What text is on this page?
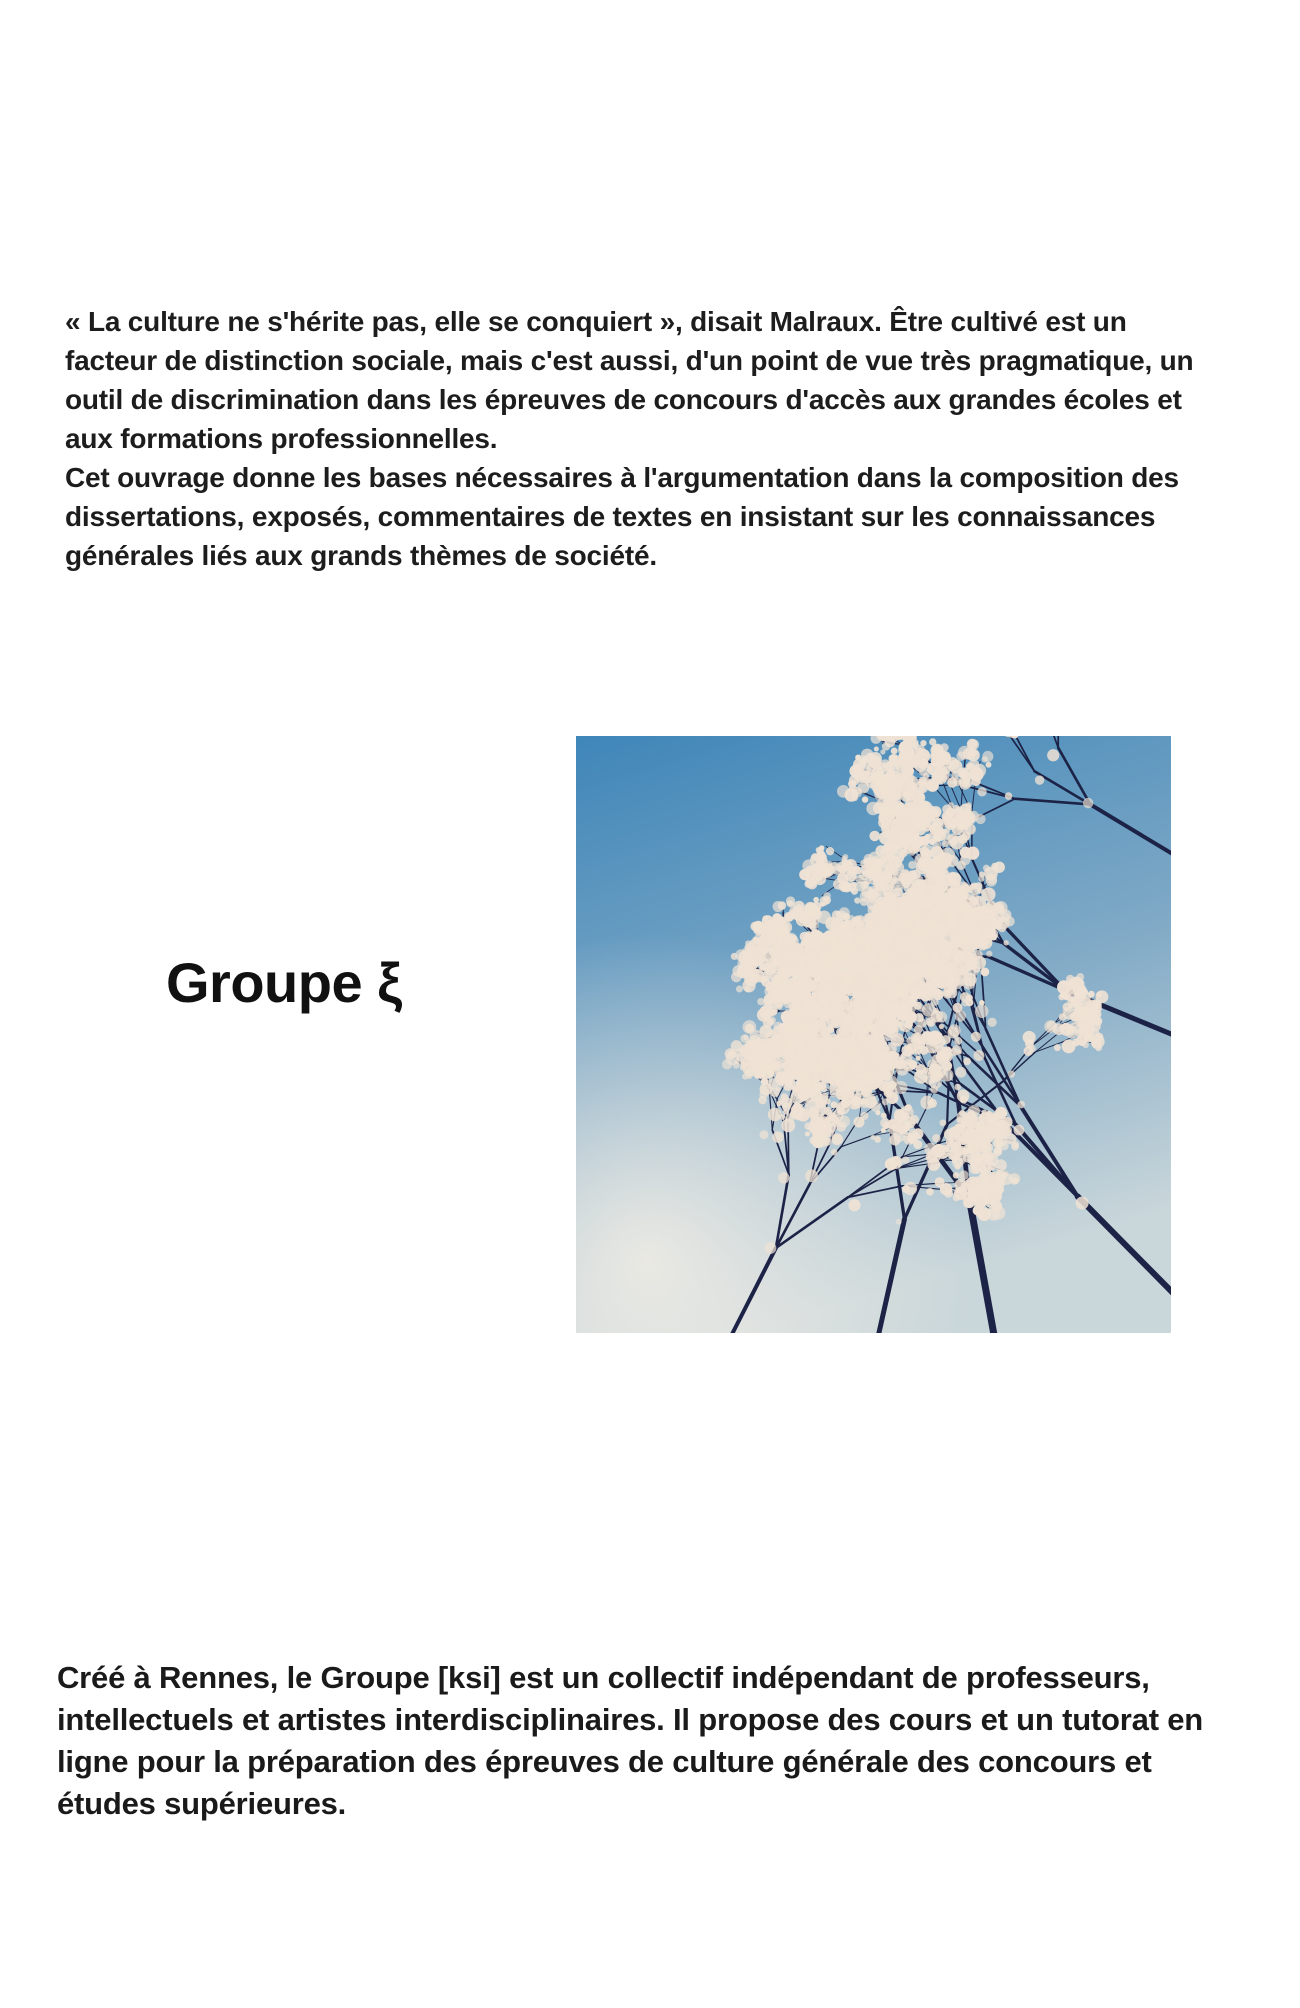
« La culture ne s'hérite pas, elle se conquiert », disait Malraux. Être cultivé est un facteur de distinction sociale, mais c'est aussi, d'un point de vue très pragmatique, un outil de discrimination dans les épreuves de concours d'accès aux grandes écoles et aux formations professionnelles.

Cet ouvrage donne les bases nécessaires à l'argumentation dans la composition des dissertations, exposés, commentaires de textes en insistant sur les connaissances générales liés aux grands thèmes de société.

Groupe ξ

Créé à Rennes, le Groupe [ksi] est un collectif indépendant de professeurs, intellectuels et artistes interdisciplinaires. Il propose des cours et un tutorat en ligne pour la préparation des épreuves de culture générale des concours et études supérieures.
